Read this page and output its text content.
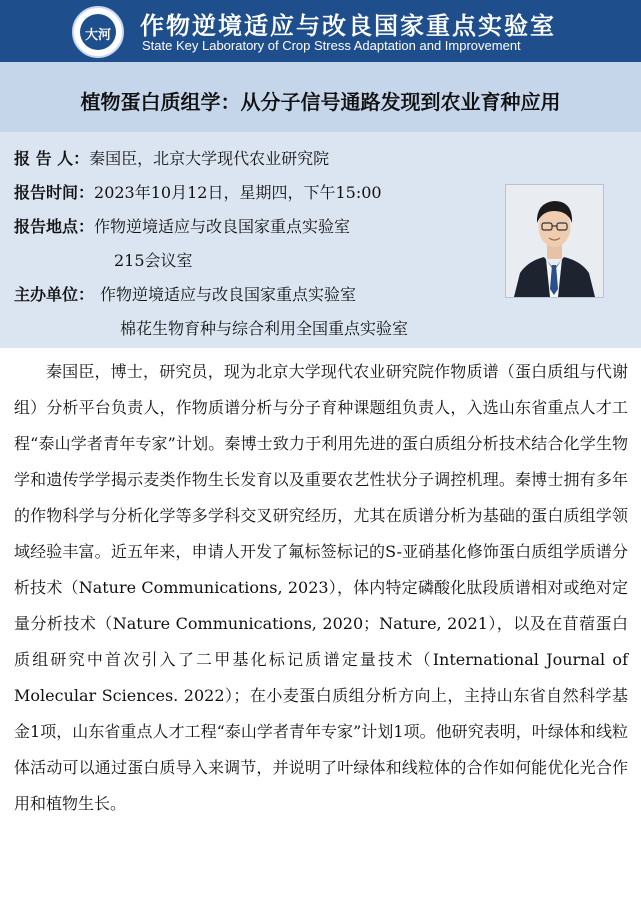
大河 作物逆境适应与改良国家重点实验室
State Key Laboratory of Crop Stress Adaptation and Improvement
植物蛋白质组学：从分子信号通路发现到农业育种应用
报 告 人：秦国臣，北京大学现代农业研究院
报告时间：2023年10月12日，星期四，下午15:00
报告地点：作物逆境适应与改良国家重点实验室
215会议室
主办单位： 作物逆境适应与改良国家重点实验室
棉花生物育种与综合利用全国重点实验室
秦国臣，博士，研究员，现为北京大学现代农业研究院作物质谱（蛋白质组与代谢组）分析平台负责人，作物质谱分析与分子育种课题组负责人，入选山东省重点人才工程“泰山学者青年专家”计划。秦博士致力于利用先进的蛋白质组分析技术结合化学生物学和遗传学学揭示麦类作物生长发育以及重要农艺性状分子调控机理。秦博士拥有多年的作物科学与分析化学等多学科交叉研究经历，尤其在质谱分析为基础的蛋白质组学领域经验丰富。近五年来，申请人开发了氟标签标记的S-亚硝基化修饰蛋白质组学质谱分析技术（Nature Communications, 2023），体内特定磷酸化肽段质谱相对或绝对定量分析技术（Nature Communications, 2020；Nature, 2021），以及在苜蓿蛋白质组研究中首次引入了二甲基化标记质谱定量技术（International Journal of Molecular Sciences. 2022）；在小麦蛋白质组分析方向上，主持山东省自然科学基金1项，山东省重点人才工程“泰山学者青年专家”计划1项。他研究表明，叶绿体和线粒体活动可以通过蛋白质导入来调节，并说明了叶绿体和线粒体的合作如何能优化光合作用和植物生长。
